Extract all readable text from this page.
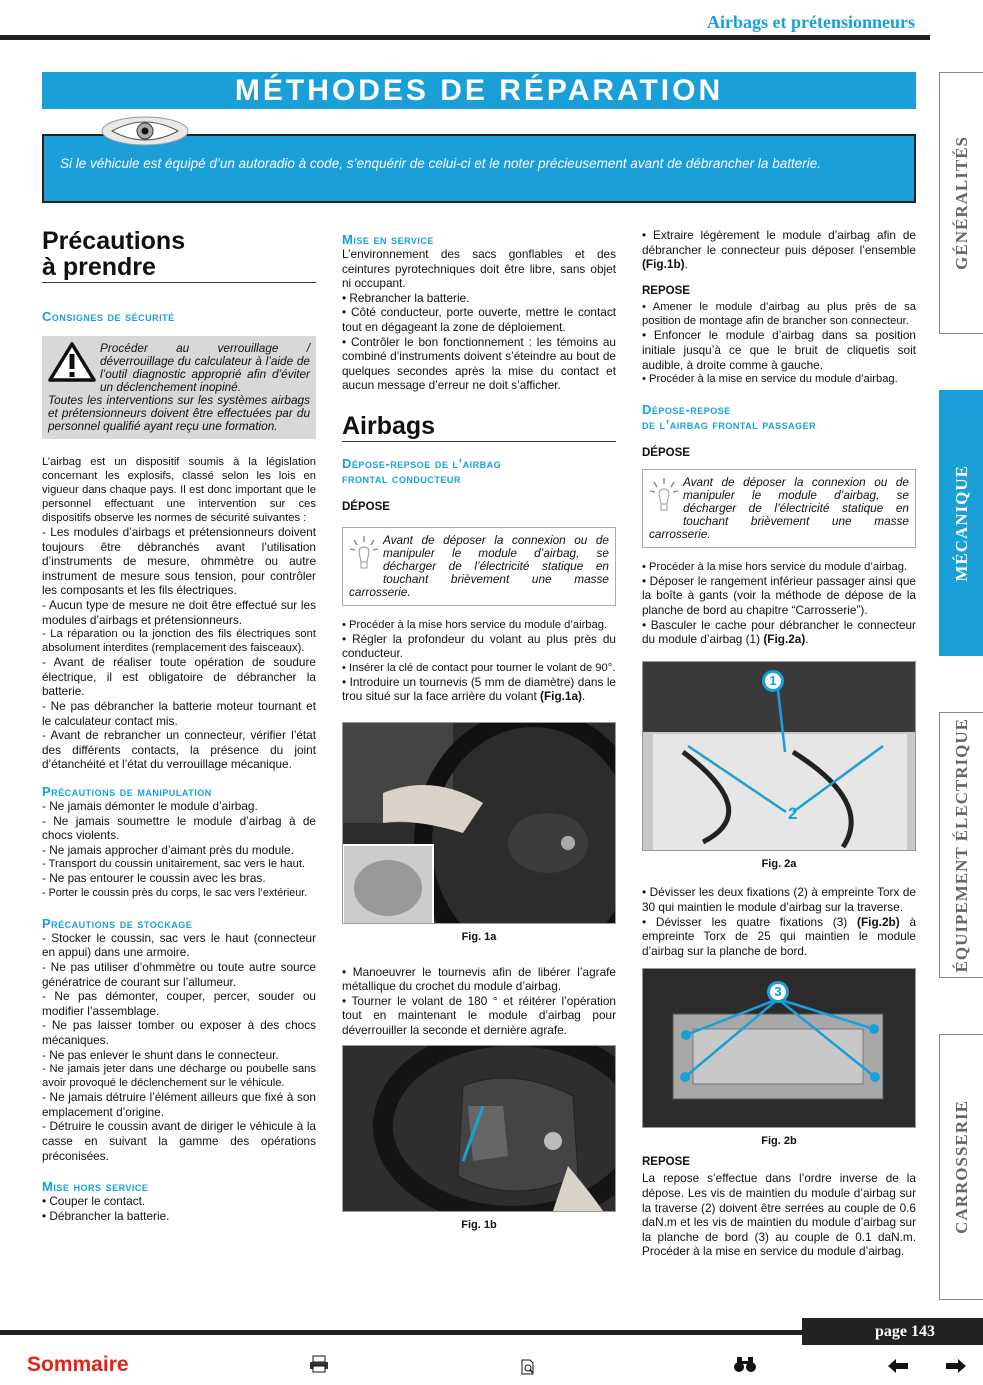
Airbags et prétensionneurs
MÉTHODES DE RÉPARATION
Si le véhicule est équipé d’un autoradio à code, s’enquérir de celui-ci et le noter précieusement avant de débrancher la batterie.
Précautions
à prendre
Consignes de sécurité
Procéder au verrouillage / déverrouillage du calculateur à l’aide de l’outil diagnostic approprié afin d’éviter un déclenchement inopiné.
Toutes les interventions sur les systèmes airbags et prétensionneurs doivent être effectuées par du personnel qualifié ayant reçu une formation.
L’airbag est un dispositif soumis à la législation concernant les explosifs, classé selon les lois en vigueur dans chaque pays. Il est donc important que le personnel effectuant une intervention sur ces dispositifs observe les normes de sécurité suivantes :
- Les modules d’airbags et prétensionneurs doivent toujours être débranchés avant l’utilisation d’instruments de mesure, ohmmètre ou autre instrument de mesure sous tension, pour contrôler les composants et les fils électriques.
- Aucun type de mesure ne doit être effectué sur les modules d’airbags et prétensionneurs.
- La réparation ou la jonction des fils électriques sont absolument interdites (remplacement des faisceaux).
- Avant de réaliser toute opération de soudure électrique, il est obligatoire de débrancher la batterie.
- Ne pas débrancher la batterie moteur tournant et le calculateur contact mis.
- Avant de rebrancher un connecteur, vérifier l’état des différents contacts, la présence du joint d’étanchéité et l’état du verrouillage mécanique.
Précautions de manipulation
- Ne jamais démonter le module d’airbag.
- Ne jamais soumettre le module d’airbag à de chocs violents.
- Ne jamais approcher d’aimant près du module.
- Transport du coussin unitairement, sac vers le haut.
- Ne pas entourer le coussin avec les bras.
- Porter le coussin près du corps, le sac vers l’extérieur.
Précautions de stockage
- Stocker le coussin, sac vers le haut (connecteur en appui) dans une armoire.
- Ne pas utiliser d’ohmmètre ou toute autre source génératrice de courant sur l’allumeur.
- Ne pas démonter, couper, percer, souder ou modifier l’assemblage.
- Ne pas laisser tomber ou exposer à des chocs mécaniques.
- Ne pas enlever le shunt dans le connecteur.
- Ne jamais jeter dans une décharge ou poubelle sans avoir provoqué le déclenchement sur le véhicule.
- Ne jamais détruire l’élément ailleurs que fixé à son emplacement d’origine.
- Détruire le coussin avant de diriger le véhicule à la casse en suivant la gamme des opérations préconisées.
Mise hors service
• Couper le contact.
• Débrancher la batterie.
Mise en service
L’environnement des sacs gonflables et des ceintures pyrotechniques doit être libre, sans objet ni occupant.
• Rebrancher la batterie.
• Côté conducteur, porte ouverte, mettre le contact tout en dégageant la zone de déploiement.
• Contrôler le bon fonctionnement : les témoins au combiné d’instruments doivent s’éteindre au bout de quelques secondes après la mise du contact et aucun message d’erreur ne doit s’afficher.
Airbags
Dépose-repsoe de l’airbag
frontal conducteur
DÉPOSE
Avant de déposer la connexion ou de manipuler le module d’airbag, se décharger de l’électricité statique en touchant brièvement une masse carrosserie.
• Procéder à la mise hors service du module d’airbag.
• Régler la profondeur du volant au plus près du conducteur.
• Insérer la clé de contact pour tourner le volant de 90°.
• Introduire un tournevis (5 mm de diamètre) dans le trou situé sur la face arrière du volant (Fig.1a).
Fig. 1a
• Manoeuvrer le tournevis afin de libérer l’agrafe métallique du crochet du module d’airbag.
• Tourner le volant de 180 ° et réitérer l’opération tout en maintenant le module d’airbag pour déverrouiller la seconde et dernière agrafe.
Fig. 1b
• Extraire légèrement le module d’airbag afin de débrancher le connecteur puis déposer l’ensemble (Fig.1b).
REPOSE
• Amener le module d’airbag au plus près de sa position de montage afin de brancher son connecteur.
• Enfoncer le module d’airbag dans sa position initiale jusqu’à ce que le bruit de cliquetis soit audible, à droite comme à gauche.
• Procéder à la mise en service du module d’airbag.
Dépose-repose
de l’airbag frontal passager
DÉPOSE
Avant de déposer la connexion ou de manipuler le module d’airbag, se décharger de l’électricité statique en touchant brièvement une masse carrosserie.
• Procéder à la mise hors service du module d’airbag.
• Déposer le rangement inférieur passager ainsi que la boîte à gants (voir la méthode de dépose de la planche de bord au chapitre “Carrosserie”).
• Basculer le cache pour débrancher le connecteur du module d’airbag (1) (Fig.2a).
1
2
Fig. 2a
• Dévisser les deux fixations (2) à empreinte Torx de 30 qui maintien le module d’airbag sur la traverse.
• Dévisser les quatre fixations (3) (Fig.2b) à empreinte Torx de 25 qui maintien le module d’airbag sur la planche de bord.
3
Fig. 2b
REPOSE
La repose s’effectue dans l’ordre inverse de la dépose. Les vis de maintien du module d’airbag sur la traverse (2) doivent être serrées au couple de 0.6 daN.m et les vis de maintien du module d’airbag sur la planche de bord (3) au couple de 0.1 daN.m. Procéder à la mise en service du module d’airbag.
GÉNÉRALITÉS
MÉCANIQUE
ÉQUIPEMENT ÉLECTRIQUE
CARROSSERIE
page 143
Sommaire
